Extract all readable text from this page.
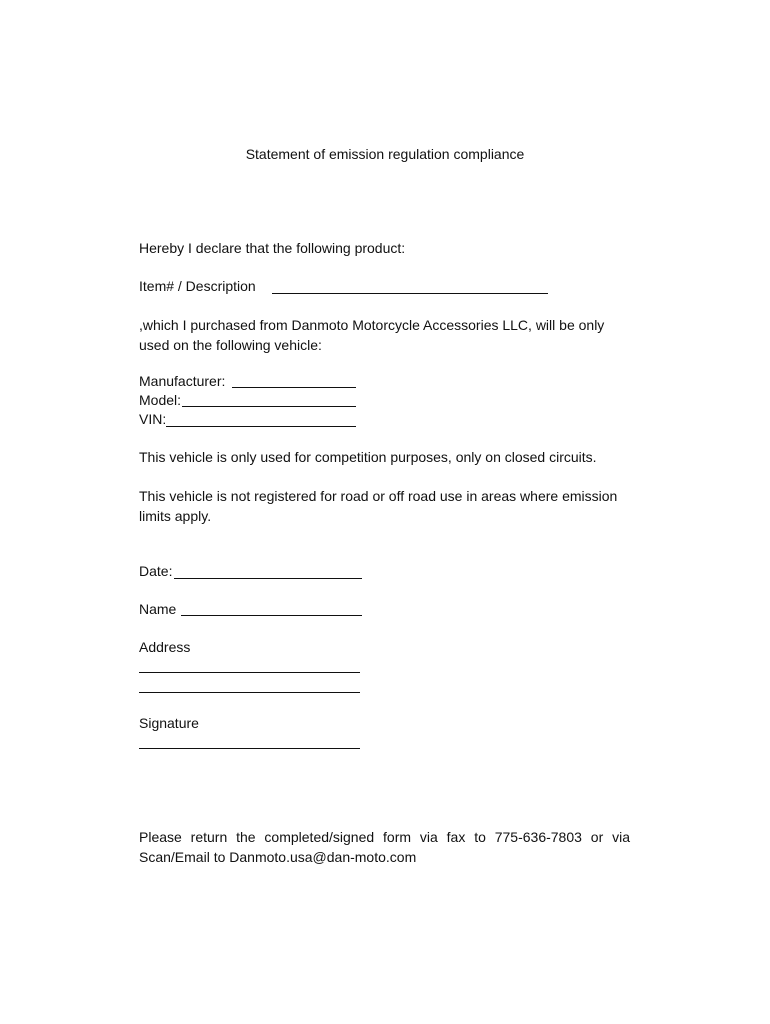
Statement of emission regulation compliance
Hereby I declare that the following product:
Item# / Description
,which I purchased from Danmoto Motorcycle Accessories LLC, will be only used on the following vehicle:
Manufacturer:
Model:
VIN:
This vehicle is only used for competition purposes, only on closed circuits.
This vehicle is not registered for road or off road use in areas where emission limits apply.
Date:
Name
Address
Signature
Please return the completed/signed form via fax to 775-636-7803 or via Scan/Email to Danmoto.usa@dan-moto.com
